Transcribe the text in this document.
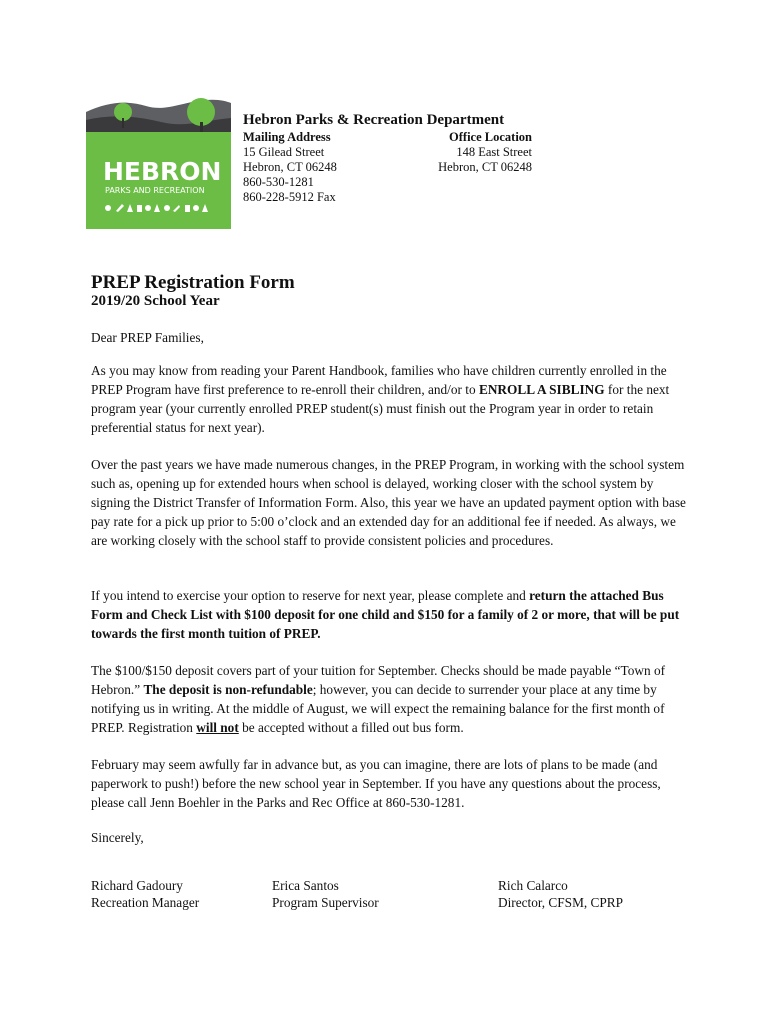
HEBRON
PARKS AND RECREATION
Hebron Parks & Recreation Department
Mailing Address
15 Gilead Street
Hebron, CT 06248
860-530-1281
860-228-5912 Fax
Office Location
148 East Street
Hebron, CT 06248
PREP Registration Form
2019/20 School Year

Dear PREP Families,

As you may know from reading your Parent Handbook, families who have children currently enrolled in the PREP Program have first preference to re-enroll their children, and/or to ENROLL A SIBLING for the next program year (your currently enrolled PREP student(s) must finish out the Program year in order to retain preferential status for next year).

Over the past years we have made numerous changes, in the PREP Program, in working with the school system such as, opening up for extended hours when school is delayed, working closer with the school system by signing the District Transfer of Information Form. Also, this year we have an updated payment option with base pay rate for a pick up prior to 5:00 o’clock and an extended day for an additional fee if needed. As always, we are working closely with the school staff to provide consistent policies and procedures.

If you intend to exercise your option to reserve for next year, please complete and return the attached Bus Form and Check List with $100 deposit for one child and $150 for a family of 2 or more, that will be put towards the first month tuition of PREP.

The $100/$150 deposit covers part of your tuition for September. Checks should be made payable “Town of Hebron.” The deposit is non-refundable; however, you can decide to surrender your place at any time by notifying us in writing. At the middle of August, we will expect the remaining balance for the first month of PREP. Registration will not be accepted without a filled out bus form.

February may seem awfully far in advance but, as you can imagine, there are lots of plans to be made (and paperwork to push!) before the new school year in September. If you have any questions about the process, please call Jenn Boehler in the Parks and Rec Office at 860-530-1281.

Sincerely,

Richard Gadoury
Recreation Manager
Erica Santos
Program Supervisor
Rich Calarco
Director, CFSM, CPRP
